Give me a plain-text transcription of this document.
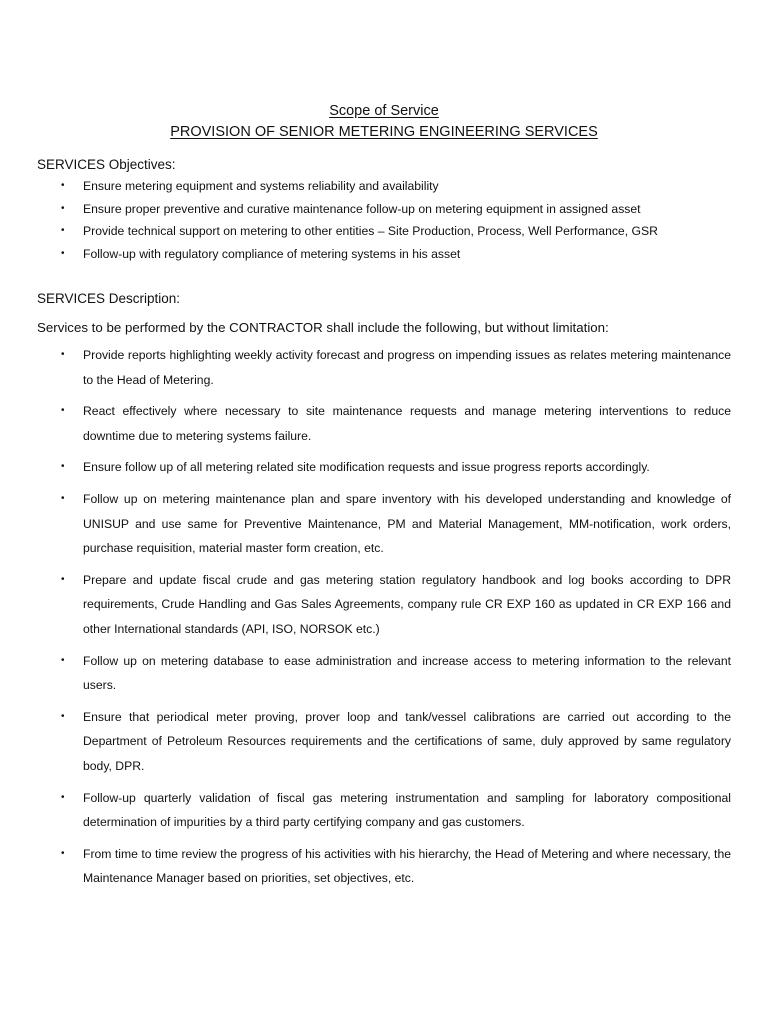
Scope of Service
PROVISION OF SENIOR METERING ENGINEERING SERVICES

SERVICES Objectives:

• Ensure metering equipment and systems reliability and availability
• Ensure proper preventive and curative maintenance follow-up on metering equipment in assigned asset
• Provide technical support on metering to other entities – Site Production, Process, Well Performance, GSR
• Follow-up with regulatory compliance of metering systems in his asset

SERVICES Description:

Services to be performed by the CONTRACTOR shall include the following, but without limitation:

• Provide reports highlighting weekly activity forecast and progress on impending issues as relates metering maintenance to the Head of Metering.
• React effectively where necessary to site maintenance requests and manage metering interventions to reduce downtime due to metering systems failure.
• Ensure follow up of all metering related site modification requests and issue progress reports accordingly.
• Follow up on metering maintenance plan and spare inventory with his developed understanding and knowledge of UNISUP and use same for Preventive Maintenance, PM and Material Management, MM-notification, work orders, purchase requisition, material master form creation, etc.
• Prepare and update fiscal crude and gas metering station regulatory handbook and log books according to DPR requirements, Crude Handling and Gas Sales Agreements, company rule CR EXP 160 as updated in CR EXP 166 and other International standards (API, ISO, NORSOK etc.)
• Follow up on metering database to ease administration and increase access to metering information to the relevant users.
• Ensure that periodical meter proving, prover loop and tank/vessel calibrations are carried out according to the Department of Petroleum Resources requirements and the certifications of same, duly approved by same regulatory body, DPR.
• Follow-up quarterly validation of fiscal gas metering instrumentation and sampling for laboratory compositional determination of impurities by a third party certifying company and gas customers.
• From time to time review the progress of his activities with his hierarchy, the Head of Metering and where necessary, the Maintenance Manager based on priorities, set objectives, etc.
